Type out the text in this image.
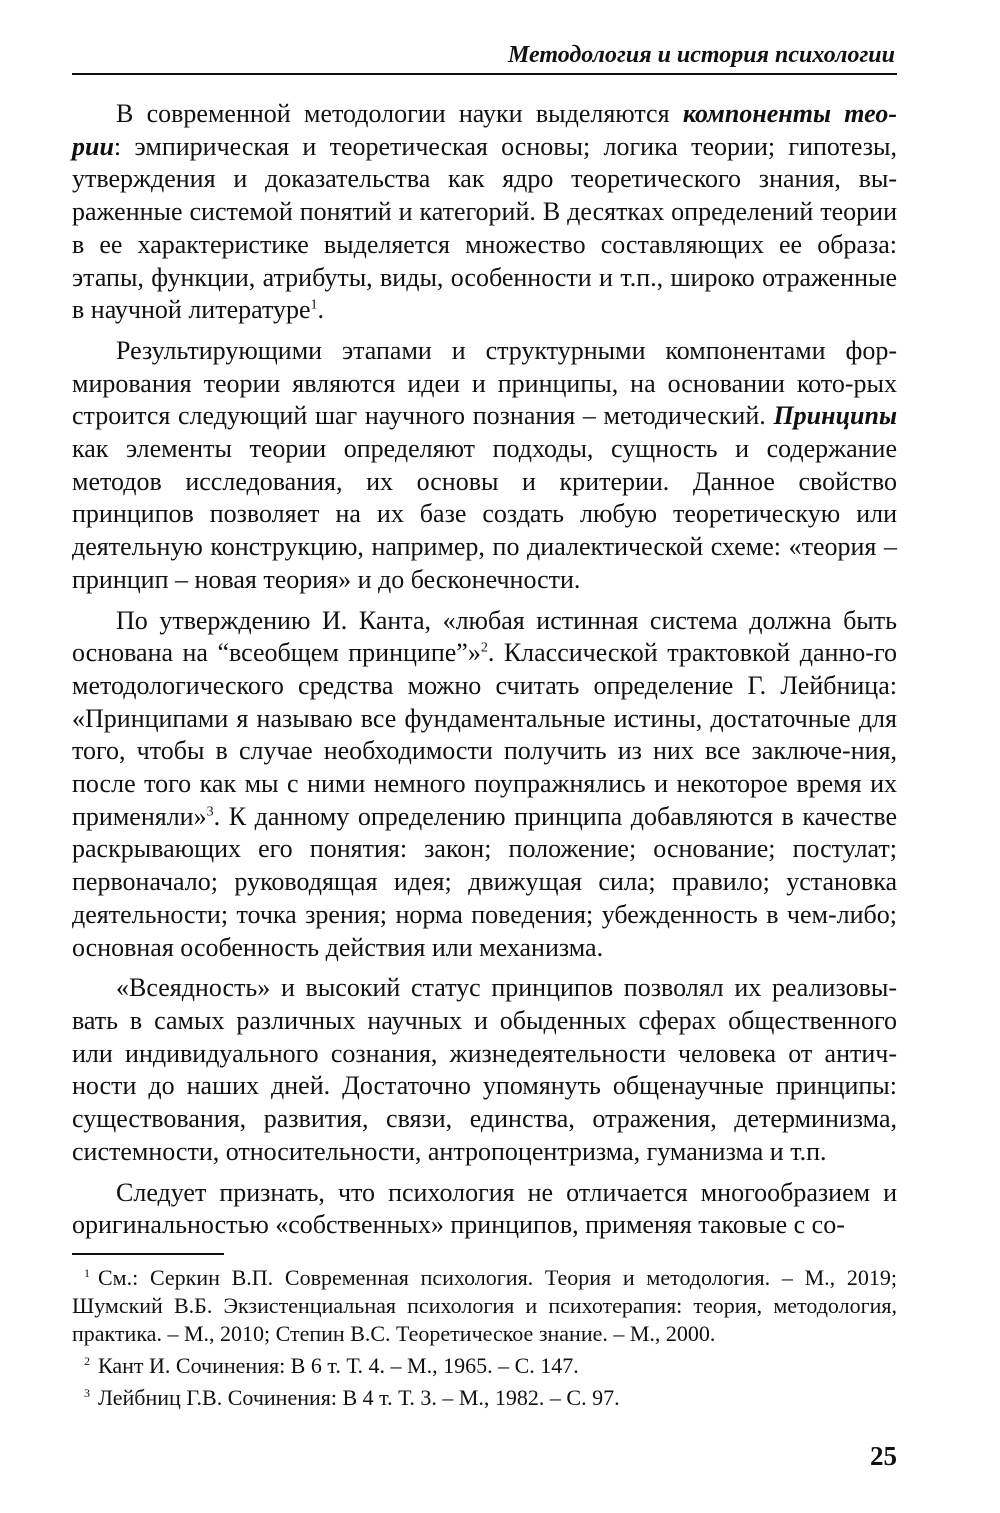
Методология и история психологии

В современной методологии науки выделяются компоненты тео-рии: эмпирическая и теоретическая основы; логика теории; гипотезы, утверждения и доказательства как ядро теоретического знания, вы-раженные системой понятий и категорий. В десятках определений теории в ее характеристике выделяется множество составляющих ее образа: этапы, функции, атрибуты, виды, особенности и т.п., широко отраженные в научной литературе$^1$.

Результирующими этапами и структурными компонентами фор-мирования теории являются идеи и принципы, на основании кото-рых строится следующий шаг научного познания – методический. Принципы как элементы теории определяют подходы, сущность и содержание методов исследования, их основы и критерии. Данное свойство принципов позволяет на их базе создать любую теоретическую или деятельную конструкцию, например, по диалектической схеме: «теория – принцип – новая теория» и до бесконечности.

По утверждению И. Канта, «любая истинная система должна быть основана на “всеобщем принципе”»$^2$. Классической трактовкой данно-го методологического средства можно считать определение Г. Лейбница: «Принципами я называю все фундаментальные истины, достаточные для того, чтобы в случае необходимости получить из них все заключе-ния, после того как мы с ними немного поупражнялись и некоторое время их применяли»$^3$. К данному определению принципа добавляются в качестве раскрывающих его понятия: закон; положение; основание; постулат; первоначало; руководящая идея; движущая сила; правило; установка деятельности; точка зрения; норма поведения; убежденность в чем-либо; основная особенность действия или механизма.

«Всеядность» и высокий статус принципов позволял их реализовы-вать в самых различных научных и обыденных сферах общественного или индивидуального сознания, жизнедеятельности человека от антич-ности до наших дней. Достаточно упомянуть общенаучные принципы: существования, развития, связи, единства, отражения, детерминизма, системности, относительности, антропоцентризма, гуманизма и т.п.

Следует признать, что психология не отличается многообразием и оригинальностью «собственных» принципов, применяя таковые с со-

$^1$ См.: Серкин В.П. Современная психология. Теория и методология. – М., 2019; Шумский В.Б. Экзистенциальная психология и психотерапия: теория, методология, практика. – М., 2010; Степин В.С. Теоретическое знание. – М., 2000.

$^2$ Кант И. Сочинения: В 6 т. Т. 4. – М., 1965. – С. 147.

$^3$ Лейбниц Г.В. Сочинения: В 4 т. Т. 3. – М., 1982. – С. 97.

25
